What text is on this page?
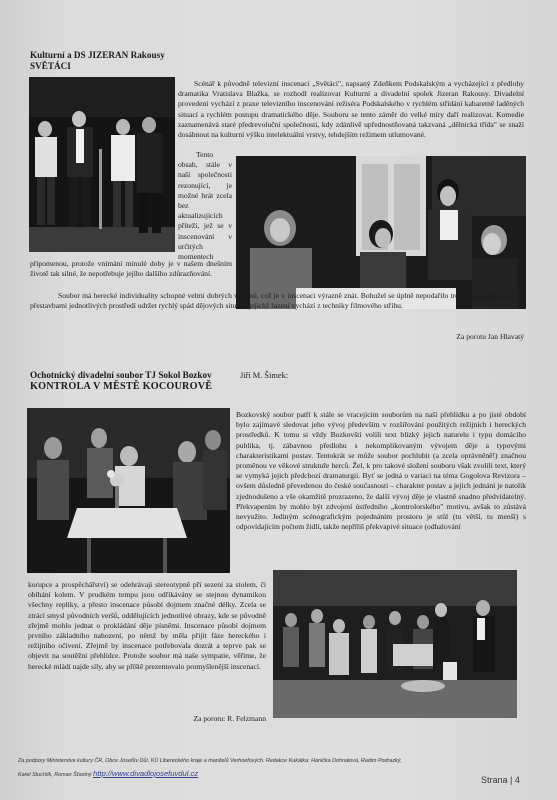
Kulturní a DS JIZERAN Rakousy

SVĚTÁCI

Scénář k původně televizní inscenaci „Světáci", napsaný Zdeňkem Podskalským a vycházející z předlohy dramatika Vratislava Blažka, se rozhodl realizovat Kulturní a divadelní spolek Jizeran Rakousy. Divadelní provedení vychází z praxe televizního inscenování režiséra Podskalského v rychlém střídání kabaretně laděných situací a rychlém postupu dramatického děje. Souboru se tento záměr do velké míry daří realizovat. Komedie zaznamenává staré předrevoluční společnosti, kdy zdánlivě upřednostňovaná takzvaná „dělnická třída" se snaží dosáhnout na kulturní výšku intelektuální vrstvy, tehdejším režimem utlumované.

Tento obsah, stále v naší společnosti rezonující, je možné hrát zcela bez aktualizujících příteží, jež se v inscenování v určitých momentech

připomenou, protože vnímání minulé doby je v našem dnešním životě tak silné, že nepotřebuje jejího dalšího zdůrazňování.

Soubor má herecké individuality schopné velmi dobrých výkonů, což je v inscenaci výrazně znát. Bohužel se úplně nepodařilo trochu komplikovanými přestavbami jednotlivých prostředí udržet rychlý spád dějových situací, jejichž řazení vychází z techniky filmového střihu.

Za porotu Jan Hlavatý

Ochotnický divadelní soubor TJ Sokol Bozkov	Jiří M. Šimek:

KONTROLA V MĚSTĚ KOCOUROVĚ

Bozkovský soubor patří k stále se vracejícím souborům na naší přehlídku a po jisté období bylo zajímavé sledovat jeho vývoj především v rozšiřování použitých režijních i hereckých prostředků. K tomu si vždy Bozkovští volili text blízký jejich naturelu i typu domácího publika, tj. zábavnou předlohu s nekomplikovaným vývojem děje a typovými charakteristikami postav. Tentokrát se může soubor pochlubit (a zcela oprávněně!) značnou proměnou ve věkové struktuře herců. Žel, k pro takové složení souboru však zvolili text, který se vymyká jejich předchozí dramaturgii. Byť se jedná o variaci na téma Gogolova Revizora – ovšem důsledně převedenou do české současnosti – charakter postav a jejich jednání je natolik zjednodušeno a vše okamžitě prozrazeno, že další vývoj děje je vlastně snadno předvídatelný. Překvapením by mohlo být zdvojení ústředního „kontrolorského" motivu, avšak to zůstává nevyužito. Jediným scénografickým pojednáním prostoru je stůl (tu větší, tu menší) s odpovídajícím počtem židlí, takže nepříliš překvapivé situace (odhalování

korupce a prospěchářství) se odehrávají stereotypně při sezení za stolem, či obíhání kolem. V prudkém tempu jsou odříkávány se stejnou dynamikou všechny repliky, a přesto inscenace působí dojmem značné délky. Zcela se ztrácí smysl původních veršů, oddělujících jednotlivé obrazy, kde se původně zřejmě mohlo jednat o prokládání děje písněmi. Inscenace působí dojmem prvního základního nahození, po němž by měla přijít fáze hereckého i režijního očivení. Zřejmě by inscenace potřebovala dozrát a teprve pak se objevit na soutěžní přehlídce. Protože soubor má naše sympatie, věříme, že herecké mládí najde síly, aby se příště prezentovalo promyšlenější inscenací.

Za porotu: R. Felzmann

Za podpory Ministerstva kultury ČR, Obce Josefův Důl, KÚ Libereckého kraje a manželů Verhoefových. Redakce Kukátka: Hanička Dohnalová, Radim Podrazký,
Karel Stuchlík, Roman Šťastný http://www.divadlojosefuvdul.cz
Strana | 4
